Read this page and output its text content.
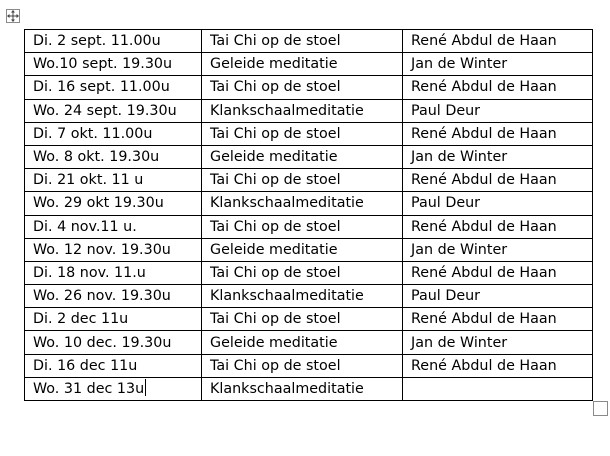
Di. 2 sept. 11.00u	Tai Chi op de stoel	René Abdul de Haan
Wo.10 sept. 19.30u	Geleide meditatie	Jan de Winter
Di. 16 sept. 11.00u	Tai Chi op de stoel	René Abdul de Haan
Wo. 24 sept. 19.30u	Klankschaalmeditatie	Paul Deur
Di. 7 okt. 11.00u	Tai Chi op de stoel	René Abdul de Haan
Wo. 8 okt. 19.30u	Geleide meditatie	Jan de Winter
Di. 21 okt. 11 u	Tai Chi op de stoel	René Abdul de Haan
Wo. 29 okt 19.30u	Klankschaalmeditatie	Paul Deur
Di. 4 nov.11 u.	Tai Chi op de stoel	René Abdul de Haan
Wo. 12 nov. 19.30u	Geleide meditatie	Jan de Winter
Di. 18 nov. 11.u	Tai Chi op de stoel	René Abdul de Haan
Wo. 26 nov. 19.30u	Klankschaalmeditatie	Paul Deur
Di. 2 dec 11u	Tai Chi op de stoel	René Abdul de Haan
Wo. 10 dec. 19.30u	Geleide meditatie	Jan de Winter
Di. 16 dec 11u	Tai Chi op de stoel	René Abdul de Haan
Wo. 31 dec 13u	Klankschaalmeditatie	
